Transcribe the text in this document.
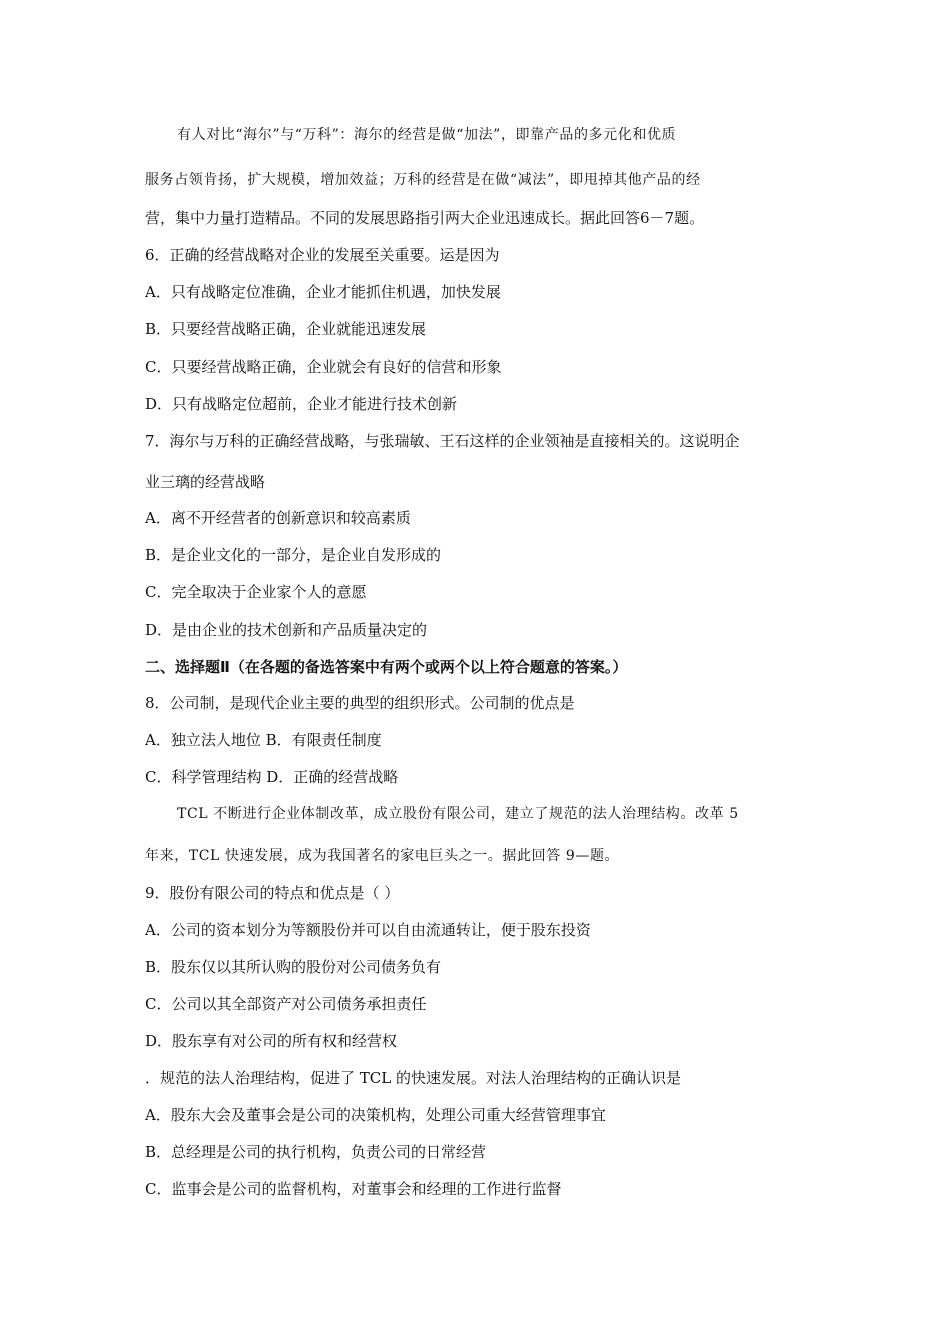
有人对比“海尔”与“万科”：海尔的经营是做“加法”，即靠产品的多元化和优质
服务占领肯扬，扩大规模，增加效益；万科的经营是在做“减法”，即甩掉其他产品的经
营，集中力量打造精品。不同的发展思路指引两大企业迅速成长。据此回答6－7题。
6．正确的经营战略对企业的发展至关重要。运是因为
A．只有战略定位准确，企业才能抓住机遇，加快发展
B．只要经营战略正确，企业就能迅速发展
C．只要经营战略正确，企业就会有良好的信营和形象
D．只有战略定位超前，企业才能进行技术创新
7．海尔与万科的正确经营战略，与张瑞敏、王石这样的企业领袖是直接相关的。这说明企
业三璃的经营战略
A．离不开经营者的创新意识和较高素质
B．是企业文化的一部分，是企业自发形成的
C．完全取决于企业家个人的意愿
D．是由企业的技术创新和产品质量决定的
二、选择题Ⅱ（在各题的备选答案中有两个或两个以上符合题意的答案。）
8．公司制，是现代企业主要的典型的组织形式。公司制的优点是
A．独立法人地位 B．有限责任制度
C．科学管理结构 D．正确的经营战略
TCL 不断进行企业体制改革，成立股份有限公司，建立了规范的法人治理结构。改革 5
年来，TCL 快速发展，成为我国著名的家电巨头之一。据此回答 9—题。
9．股份有限公司的特点和优点是（ ）
A．公司的资本划分为等额股份并可以自由流通转让，便于股东投资
B．股东仅以其所认购的股份对公司债务负有
C．公司以其全部资产对公司债务承担责任
D．股东享有对公司的所有权和经营权
．规范的法人治理结构，促进了 TCL 的快速发展。对法人治理结构的正确认识是
A．股东大会及董事会是公司的决策机构，处理公司重大经营管理事宜
B．总经理是公司的执行机构，负责公司的日常经营
C．监事会是公司的监督机构，对董事会和经理的工作进行监督
